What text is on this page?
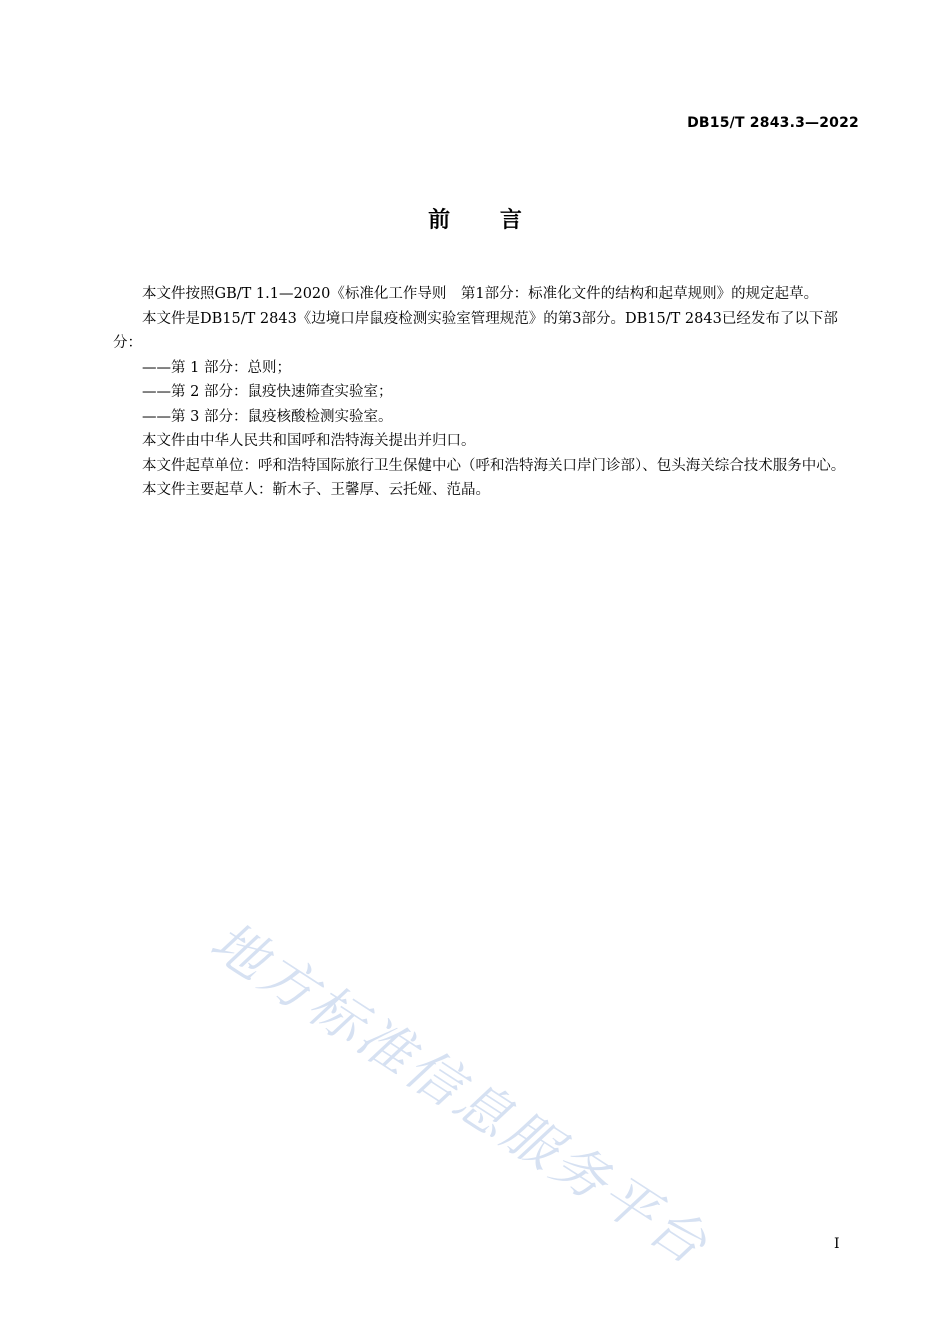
DB15/T 2843.3—2022
前 言

本文件按照GB/T 1.1—2020《标准化工作导则　第1部分：标准化文件的结构和起草规则》的规定起草。

本文件是DB15/T 2843《边境口岸鼠疫检测实验室管理规范》的第3部分。DB15/T 2843已经发布了以下部分：

——第 1 部分：总则；

——第 2 部分：鼠疫快速筛查实验室；

——第 3 部分：鼠疫核酸检测实验室。

本文件由中华人民共和国呼和浩特海关提出并归口。

本文件起草单位：呼和浩特国际旅行卫生保健中心（呼和浩特海关口岸门诊部）、包头海关综合技术服务中心。

本文件主要起草人：靳木子、王馨厚、云托娅、范晶。

地方标准信息服务平台	I
